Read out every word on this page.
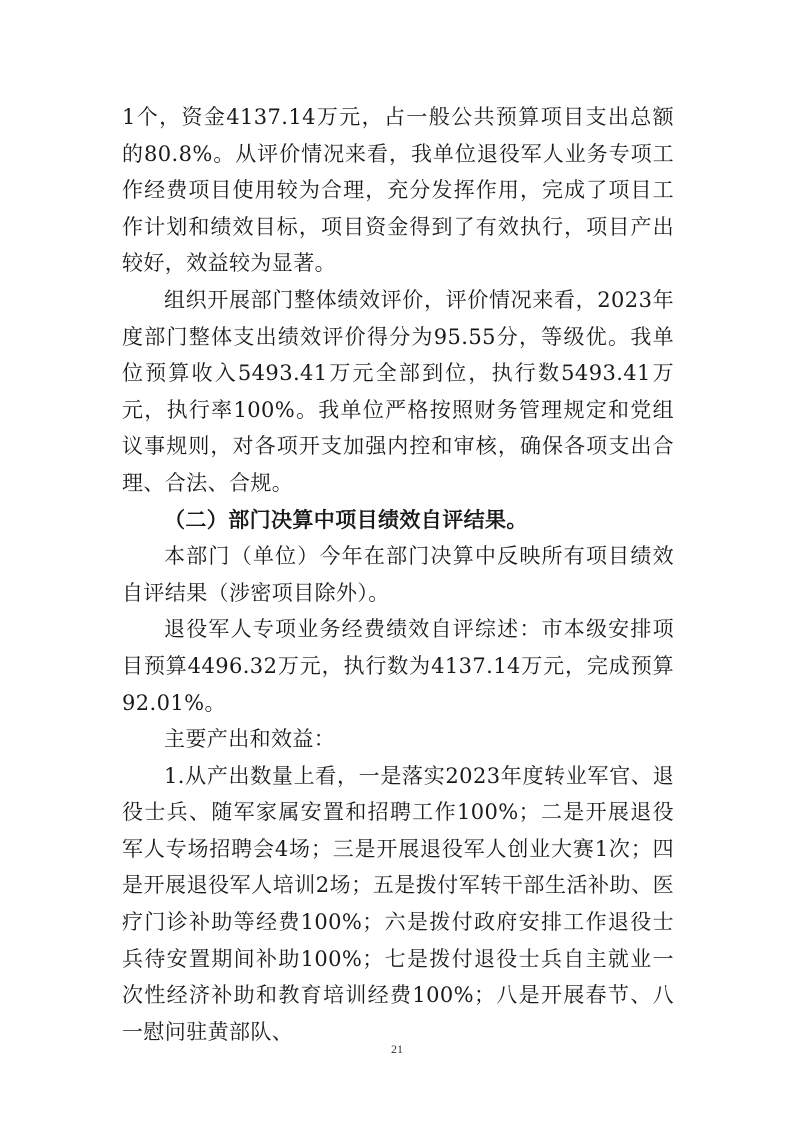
1个，资金4137.14万元，占一般公共预算项目支出总额的80.8%。从评价情况来看，我单位退役军人业务专项工作经费项目使用较为合理，充分发挥作用，完成了项目工作计划和绩效目标，项目资金得到了有效执行，项目产出较好，效益较为显著。

组织开展部门整体绩效评价，评价情况来看，2023年度部门整体支出绩效评价得分为95.55分，等级优。我单位预算收入5493.41万元全部到位，执行数5493.41万元，执行率100%。我单位严格按照财务管理规定和党组议事规则，对各项开支加强内控和审核，确保各项支出合理、合法、合规。

（二）部门决算中项目绩效自评结果。

本部门（单位）今年在部门决算中反映所有项目绩效自评结果（涉密项目除外）。

退役军人专项业务经费绩效自评综述：市本级安排项目预算4496.32万元，执行数为4137.14万元，完成预算92.01%。

主要产出和效益：

1.从产出数量上看，一是落实2023年度转业军官、退役士兵、随军家属安置和招聘工作100%；二是开展退役军人专场招聘会4场；三是开展退役军人创业大赛1次；四是开展退役军人培训2场；五是拨付军转干部生活补助、医疗门诊补助等经费100%；六是拨付政府安排工作退役士兵待安置期间补助100%；七是拨付退役士兵自主就业一次性经济补助和教育培训经费100%；八是开展春节、八一慰问驻黄部队、

21
